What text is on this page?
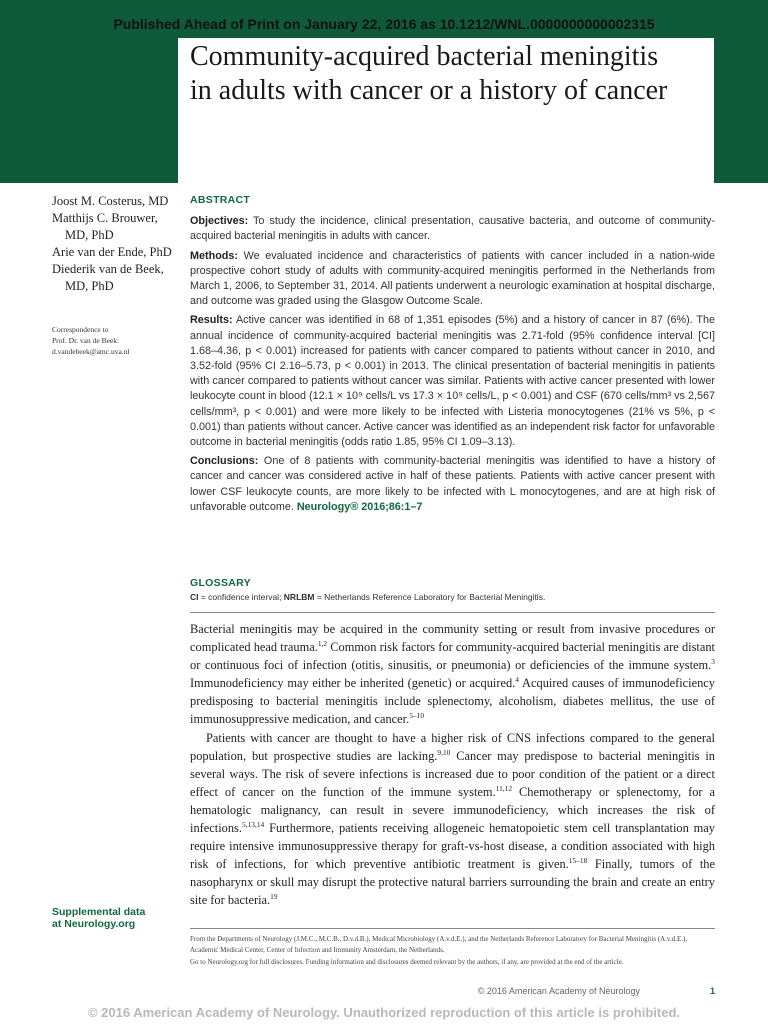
Published Ahead of Print on January 22, 2016 as 10.1212/WNL.0000000000002315
Community-acquired bacterial meningitis
in adults with cancer or a history of cancer
Joost M. Costerus, MD
Matthijs C. Brouwer,
MD, PhD
Arie van der Ende, PhD
Diederik van de Beek,
MD, PhD
Correspondence to
Prof. Dr. van de Beek:
d.vandebeek@amc.uva.nl
Supplemental data
at Neurology.org
ABSTRACT

Objectives: To study the incidence, clinical presentation, causative bacteria, and outcome of community-acquired bacterial meningitis in adults with cancer.

Methods: We evaluated incidence and characteristics of patients with cancer included in a nation-wide prospective cohort study of adults with community-acquired meningitis performed in the Netherlands from March 1, 2006, to September 31, 2014. All patients underwent a neurologic examination at hospital discharge, and outcome was graded using the Glasgow Outcome Scale.

Results: Active cancer was identified in 68 of 1,351 episodes (5%) and a history of cancer in 87 (6%). The annual incidence of community-acquired bacterial meningitis was 2.71-fold (95% confidence interval [CI] 1.68–4.36, p < 0.001) increased for patients with cancer compared to patients without cancer in 2010, and 3.52-fold (95% CI 2.16–5.73, p < 0.001) in 2013. The clinical presentation of bacterial meningitis in patients with cancer compared to patients without cancer was similar. Patients with active cancer presented with lower leukocyte count in blood (12.1 × 10⁹ cells/L vs 17.3 × 10⁹ cells/L, p < 0.001) and CSF (670 cells/mm³ vs 2,567 cells/mm³, p < 0.001) and were more likely to be infected with Listeria monocytogenes (21% vs 5%, p < 0.001) than patients without cancer. Active cancer was identified as an independent risk factor for unfavorable outcome in bacterial meningitis (odds ratio 1.85, 95% CI 1.09–3.13).

Conclusions: One of 8 patients with community-bacterial meningitis was identified to have a history of cancer and cancer was considered active in half of these patients. Patients with active cancer present with lower CSF leukocyte counts, are more likely to be infected with L monocytogenes, and are at high risk of unfavorable outcome. Neurology® 2016;86:1–7

GLOSSARY
CI = confidence interval; NRLBM = Netherlands Reference Laboratory for Bacterial Meningitis.

Bacterial meningitis may be acquired in the community setting or result from invasive procedures or complicated head trauma.$^{1,2}$ Common risk factors for community-acquired bacterial meningitis are distant or continuous foci of infection (otitis, sinusitis, or pneumonia) or deficiencies of the immune system.$^3$ Immunodeficiency may either be inherited (genetic) or acquired.$^4$ Acquired causes of immunodeficiency predisposing to bacterial meningitis include splenectomy, alcoholism, diabetes mellitus, the use of immunosuppressive medication, and cancer.$^{5-10}$

Patients with cancer are thought to have a higher risk of CNS infections compared to the general population, but prospective studies are lacking.$^{9,10}$ Cancer may predispose to bacterial meningitis in several ways. The risk of severe infections is increased due to poor condition of the patient or a direct effect of cancer on the function of the immune system.$^{11,12}$ Chemotherapy or splenectomy, for a hematologic malignancy, can result in severe immunodeficiency, which increases the risk of infections.$^{5,13,14}$ Furthermore, patients receiving allogeneic hematopoietic stem cell transplantation may require intensive immunosuppressive therapy for graft-vs-host disease, a condition associated with high risk of infections, for which preventive antibiotic treatment is given.$^{15-18}$ Finally, tumors of the nasopharynx or skull may disrupt the protective natural barriers surrounding the brain and create an entry site for bacteria.$^{19}$

From the Departments of Neurology (J.M.C., M.C.B., D.v.d.B.), Medical Microbiology (A.v.d.E.), and the Netherlands Reference Laboratory for Bacterial Meningitis (A.v.d.E.), Academic Medical Center, Center of Infection and Immunity Amsterdam, the Netherlands.

Go to Neurology.org for full disclosures. Funding information and disclosures deemed relevant by the authors, if any, are provided at the end of the article.

© 2016 American Academy of Neurology	1
© 2016 American Academy of Neurology. Unauthorized reproduction of this article is prohibited.
